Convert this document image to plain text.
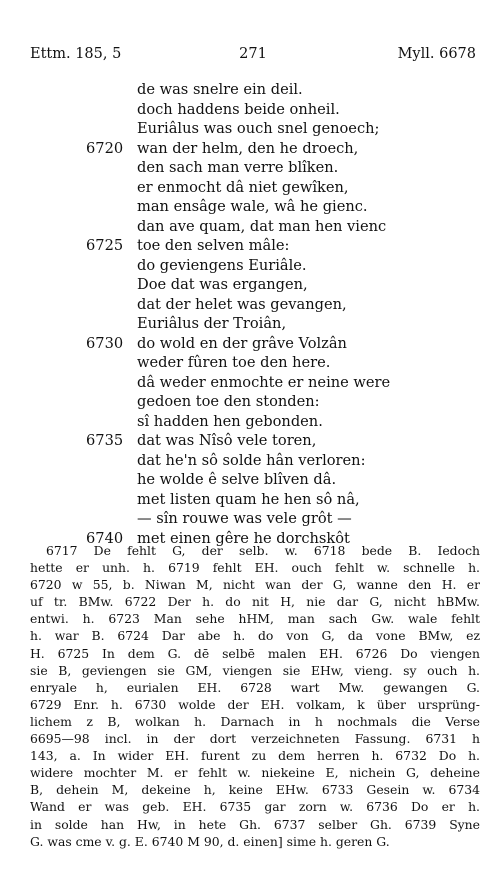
Ettm. 185, 5	271	Myll. 6678
de was snelre ein deil.
doch haddens beide onheil.
Euriâlus was ouch snel genoech;
6720 wan der helm, den he droech,
den sach man verre blîken.
er enmocht dâ niet gewîken,
man ensâge wale, wâ he gienc.
dan ave quam, dat man hen vienc
6725 toe den selven mâle:
do geviengens Euriâle.
Doe dat was ergangen,
dat der helet was gevangen,
Euriâlus der Troiân,
6730 do wold en der grâve Volzân
weder fûren toe den here.
dâ weder enmochte er neine were
gedoen toe den stonden:
sî hadden hen gebonden.
6735 dat was Nîsô vele toren,
dat he'n sô solde hân verloren:
he wolde ê selve blîven dâ.
met listen quam he hen sô nâ,
— sîn rouwe was vele grôt —
6740 met einen gêre he dorchskôt
6717 De fehlt G, der selb. w. 6718 bede B. Iedoch
hette er unh. h. 6719 fehlt EH. ouch fehlt w. schnelle h.
6720 w 55, b. Niwan M, nicht wan der G, wanne den H. er
uf tr. BMw. 6722 Der h. do nit H, nie dar G, nicht hBMw.
entwi. h. 6723 Man sehe hHM, man sach Gw. wale fehlt
h. war B. 6724 Dar abe h. do von G, da vone BMw, ez
H. 6725 In dem G. dē selbē malen EH. 6726 Do viengen
sie B, geviengen sie GM, viengen sie EHw, vieng. sy ouch h.
enryale h, eurialen EH. 6728 wart Mw. gewangen G.
6729 Enr. h. 6730 wolde der EH. volkam, k über ursprüng-
lichem z B, wolkan h. Darnach in h nochmals die Verse
6695—98 incl. in der dort verzeichneten Fassung. 6731 h
143, a. In wider EH. furent zu dem herren h. 6732 Do h.
widere mochter M. er fehlt w. niekeine E, nichein G, deheine
B, dehein M, dekeine h, keine EHw. 6733 Gesein w. 6734
Wand er was geb. EH. 6735 gar zorn w. 6736 Do er h.
in solde han Hw, in hete Gh. 6737 selber Gh. 6739 Syne
G. was cme v. g. E. 6740 M 90, d. einen] sime h. geren G.
